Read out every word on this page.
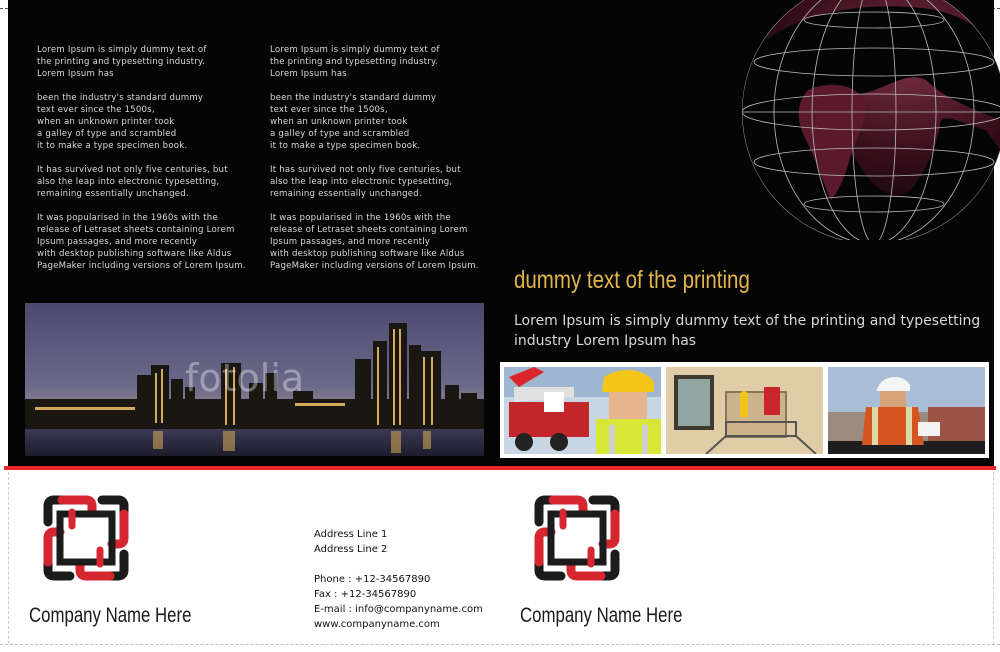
Lorem Ipsum is simply dummy text of
the printing and typesetting industry.
Lorem Ipsum has

been the industry's standard dummy
text ever since the 1500s,
when an unknown printer took
a galley of type and scrambled
it to make a type specimen book.

It has survived not only five centuries, but
also the leap into electronic typesetting,
remaining essentially unchanged.

It was popularised in the 1960s with the
release of Letraset sheets containing Lorem
Ipsum passages, and more recently
with desktop publishing software like Aldus
PageMaker including versions of Lorem Ipsum.

Lorem Ipsum is simply dummy text of
the printing and typesetting industry.
Lorem Ipsum has

been the industry's standard dummy
text ever since the 1500s,
when an unknown printer took
a galley of type and scrambled
it to make a type specimen book.

It has survived not only five centuries, but
also the leap into electronic typesetting,
remaining essentially unchanged.

It was popularised in the 1960s with the
release of Letraset sheets containing Lorem
Ipsum passages, and more recently
with desktop publishing software like Aldus
PageMaker including versions of Lorem Ipsum.	dummy text of the printing
Lorem Ipsum is simply dummy text of the printing and typesetting industry Lorem Ipsum has
fotolia
Company Name Here	Company Name Here
Address Line 1
Address Line 2
Phone : +12-34567890
Fax : +12-34567890
E-mail : info@companyname.com
www.companyname.com
